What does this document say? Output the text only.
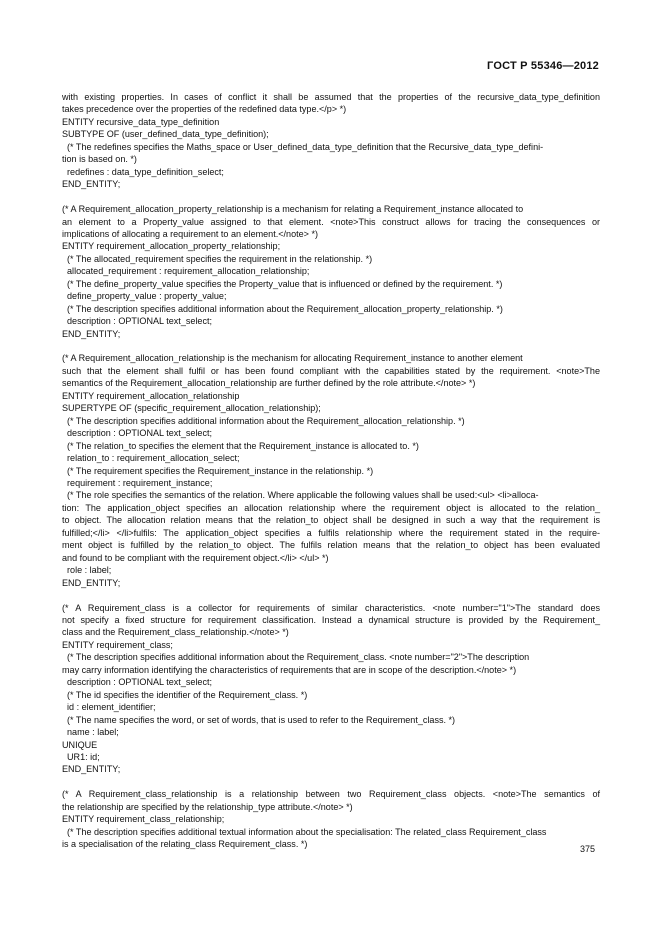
ГОСТ Р 55346—2012
with existing properties. In cases of conflict it shall be assumed that the properties of the recursive_data_type_definition
takes precedence over the properties of the redefined data type.</p> *)
ENTITY recursive_data_type_definition
SUBTYPE OF (user_defined_data_type_definition);
(* The redefines specifies the Maths_space or User_defined_data_type_definition that the Recursive_data_type_defini-
tion is based on. *)
redefines : data_type_definition_select;
END_ENTITY;
(* A Requirement_allocation_property_relationship is a mechanism for relating a Requirement_instance allocated to
an element to a Property_value assigned to that element. <note>This construct allows for tracing the consequences or
implications of allocating a requirement to an element.</note> *)
ENTITY requirement_allocation_property_relationship;
(* The allocated_requirement specifies the requirement in the relationship. *)
allocated_requirement : requirement_allocation_relationship;
(* The define_property_value specifies the Property_value that is influenced or defined by the requirement. *)
define_property_value : property_value;
(* The description specifies additional information about the Requirement_allocation_property_relationship. *)
description : OPTIONAL text_select;
END_ENTITY;
(* A Requirement_allocation_relationship is the mechanism for allocating Requirement_instance to another element
such that the element shall fulfil or has been found compliant with the capabilities stated by the requirement. <note>The
semantics of the Requirement_allocation_relationship are further defined by the role attribute.</note> *)
ENTITY requirement_allocation_relationship
SUPERTYPE OF (specific_requirement_allocation_relationship);
(* The description specifies additional information about the Requirement_allocation_relationship. *)
description : OPTIONAL text_select;
(* The relation_to specifies the element that the Requirement_instance is allocated to. *)
relation_to : requirement_allocation_select;
(* The requirement specifies the Requirement_instance in the relationship. *)
requirement : requirement_instance;
(* The role specifies the semantics of the relation. Where applicable the following values shall be used:<ul> <li>alloca-
tion: The application_object specifies an allocation relationship where the requirement object is allocated to the relation_
to object. The allocation relation means that the relation_to object shall be designed in such a way that the requirement is
fulfilled;</li> </li>fulfils: The application_object specifies a fulfils relationship where the requirement stated in the require-
ment object is fulfilled by the relation_to object. The fulfils relation means that the relation_to object has been evaluated
and found to be compliant with the requirement object.</li> </ul> *)
role : label;
END_ENTITY;
(* A Requirement_class is a collector for requirements of similar characteristics. <note number="1">The standard does
not specify a fixed structure for requirement classification. Instead a dynamical structure is provided by the Requirement_
class and the Requirement_class_relationship.</note> *)
ENTITY requirement_class;
(* The description specifies additional information about the Requirement_class. <note number="2">The description
may carry information identifying the characteristics of requirements that are in scope of the description.</note> *)
description : OPTIONAL text_select;
(* The id specifies the identifier of the Requirement_class. *)
id : element_identifier;
(* The name specifies the word, or set of words, that is used to refer to the Requirement_class. *)
name : label;
UNIQUE
UR1: id;
END_ENTITY;
(* A Requirement_class_relationship is a relationship between two Requirement_class objects. <note>The semantics of
the relationship are specified by the relationship_type attribute.</note> *)
ENTITY requirement_class_relationship;
(* The description specifies additional textual information about the specialisation: The related_class Requirement_class
is a specialisation of the relating_class Requirement_class. *)	375
